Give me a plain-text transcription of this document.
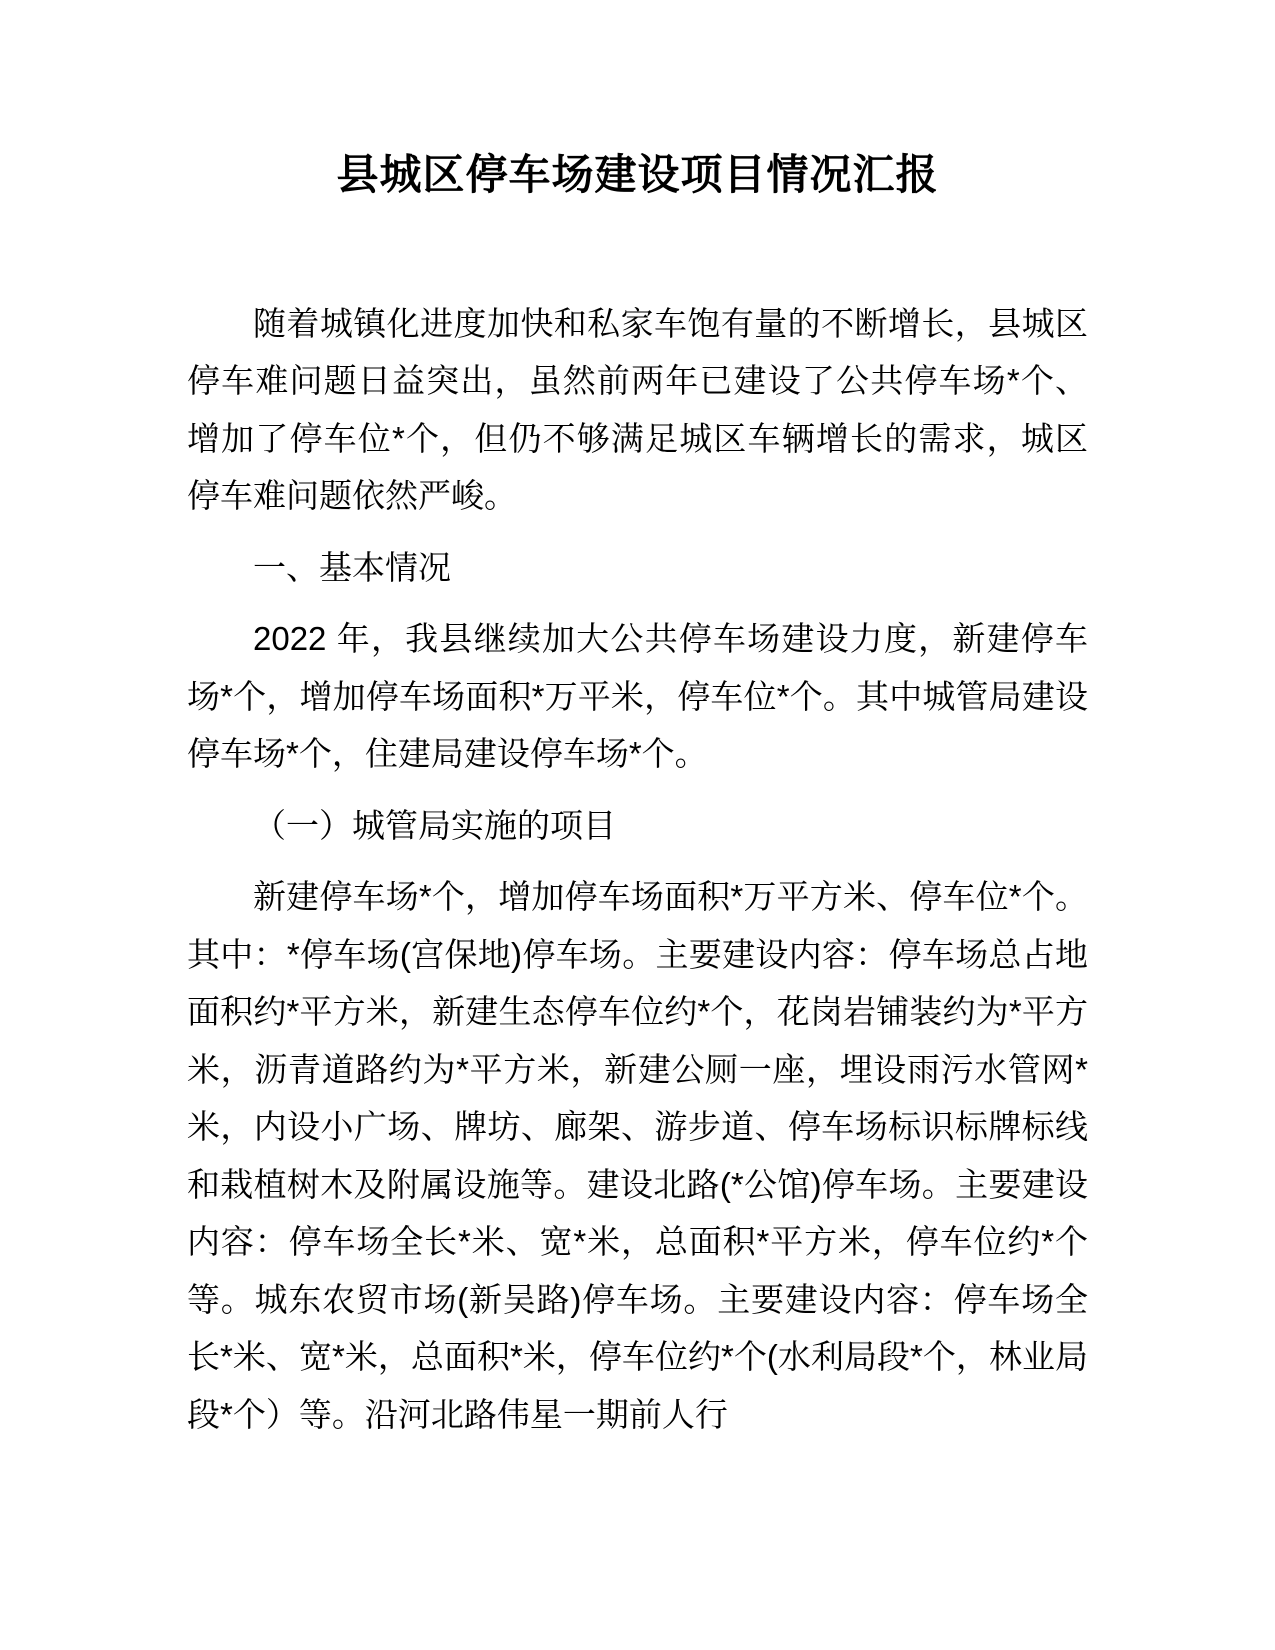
县城区停车场建设项目情况汇报

随着城镇化进度加快和私家车饱有量的不断增长，县城区停车难问题日益突出，虽然前两年已建设了公共停车场*个、增加了停车位*个，但仍不够满足城区车辆增长的需求，城区停车难问题依然严峻。

一、基本情况

2022 年，我县继续加大公共停车场建设力度，新建停车场*个，增加停车场面积*万平米，停车位*个。其中城管局建设停车场*个，住建局建设停车场*个。

（一）城管局实施的项目

新建停车场*个，增加停车场面积*万平方米、停车位*个。其中：*停车场(宫保地)停车场。主要建设内容：停车场总占地面积约*平方米，新建生态停车位约*个，花岗岩铺装约为*平方米，沥青道路约为*平方米，新建公厕一座，埋设雨污水管网*米，内设小广场、牌坊、廊架、游步道、停车场标识标牌标线和栽植树木及附属设施等。建设北路(*公馆)停车场。主要建设内容：停车场全长*米、宽*米，总面积*平方米，停车位约*个等。城东农贸市场(新吴路)停车场。主要建设内容：停车场全长*米、宽*米，总面积*米，停车位约*个(水利局段*个，林业局段*个）等。沿河北路伟星一期前人行
